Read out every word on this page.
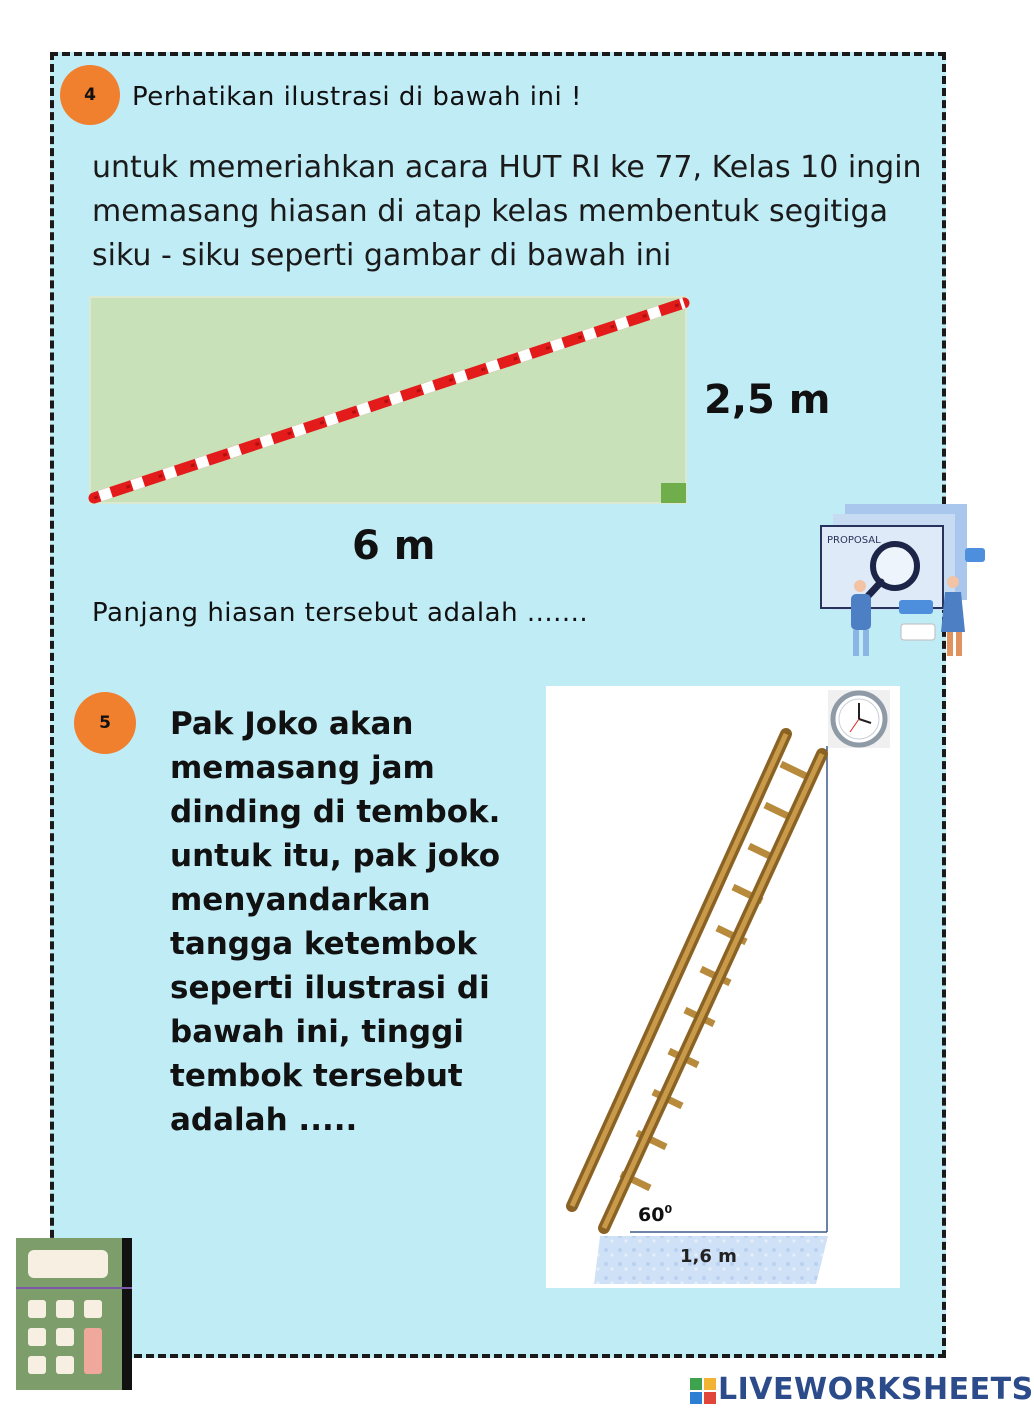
4	Perhatikan ilustrasi di bawah ini !
untuk memeriahkan acara HUT RI ke 77, Kelas 10 ingin memasang hiasan di atap kelas membentuk segitiga siku - siku seperti gambar di bawah ini
2,5 m
6 m
Panjang hiasan tersebut adalah .......
PROPOSAL
5	Pak Joko akan memasang jam dinding di tembok. untuk itu, pak joko menyandarkan tangga ketembok seperti ilustrasi di bawah ini, tinggi tembok tersebut adalah .....
$60^0$
1,6 m
LIVEWORKSHEETS
